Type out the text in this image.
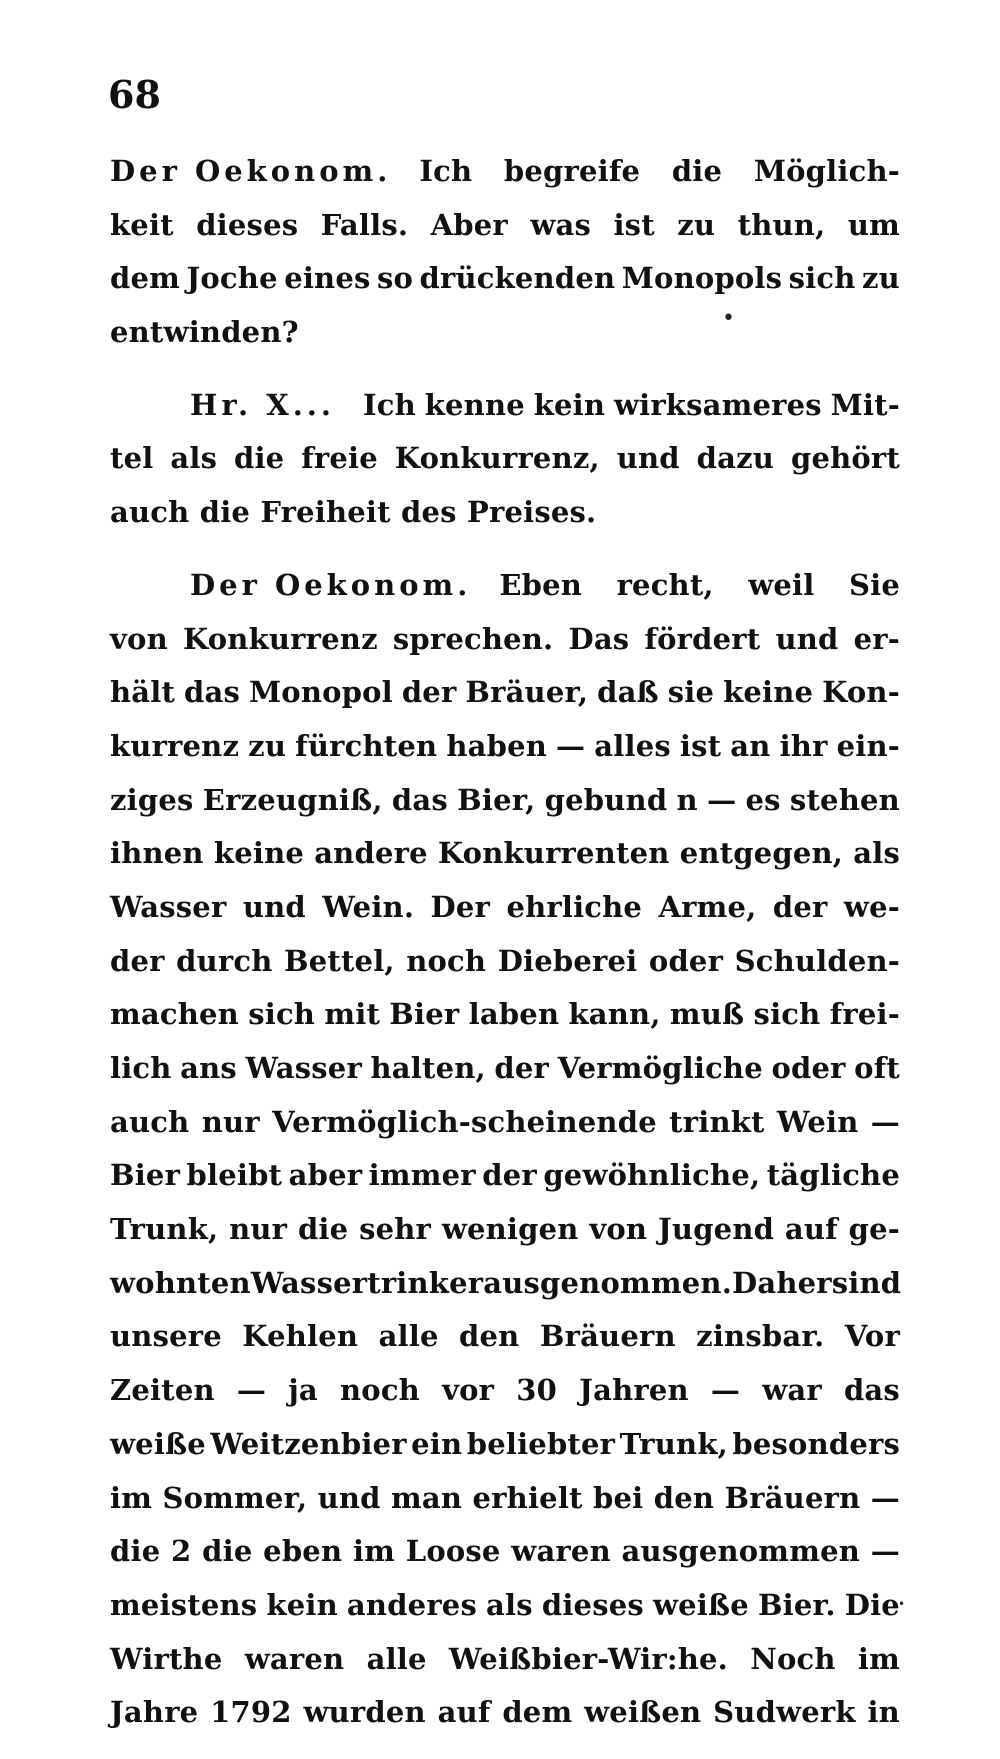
68
Der Oekonom. Ich begreife die Möglich-
keit dieses Falls. Aber was ist zu thun, um
dem Joche eines so drückenden Monopols sich zu
entwinden?
Hr. X... Ich kenne kein wirksameres Mit-
tel als die freie Konkurrenz, und dazu gehört
auch die Freiheit des Preises.
Der Oekonom. Eben recht, weil Sie
von Konkurrenz sprechen. Das fördert und er-
hält das Monopol der Bräuer, daß sie keine Kon-
kurrenz zu fürchten haben — alles ist an ihr ein-
ziges Erzeugniß, das Bier, gebund n — es stehen
ihnen keine andere Konkurrenten entgegen, als
Wasser und Wein. Der ehrliche Arme, der we-
der durch Bettel, noch Dieberei oder Schulden-
machen sich mit Bier laben kann, muß sich frei-
lich ans Wasser halten, der Vermögliche oder oft
auch nur Vermöglich-scheinende trinkt Wein —
Bier bleibt aber immer der gewöhnliche, tägliche
Trunk, nur die sehr wenigen von Jugend auf ge-
wohnten Wassertrinker ausgenommen. Daher sind
unsere Kehlen alle den Bräuern zinsbar. Vor
Zeiten — ja noch vor 30 Jahren — war das
weiße Weitzenbier ein beliebter Trunk, besonders
im Sommer, und man erhielt bei den Bräuern —
die 2 die eben im Loose waren ausgenommen —
meistens kein anderes als dieses weiße Bier. Die
Wirthe waren alle Weißbier-Wir:he. Noch im
Jahre 1792 wurden auf dem weißen Sudwerk in
•
•
